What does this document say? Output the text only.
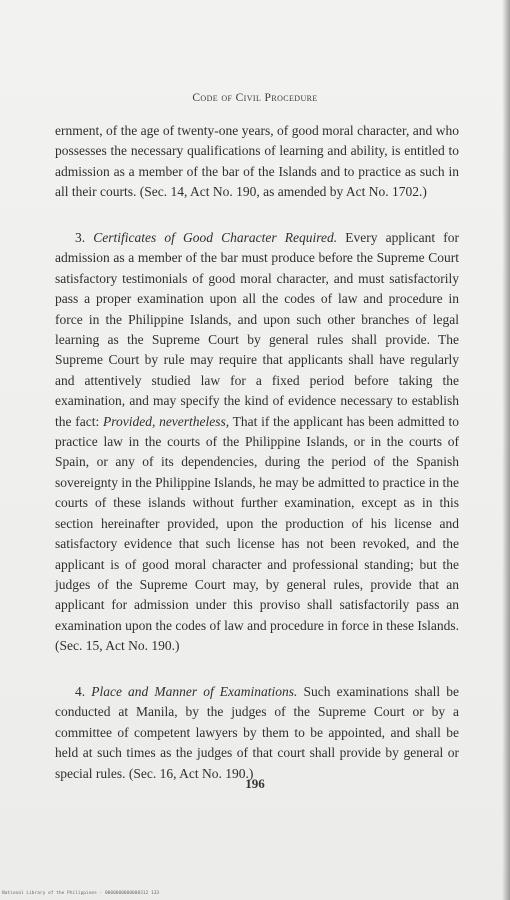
Code of Civil Procedure

ernment, of the age of twenty-one years, of good moral character, and who possesses the necessary qualifications of learning and ability, is entitled to admission as a member of the bar of the Islands and to practice as such in all their courts. (Sec. 14, Act No. 190, as amended by Act No. 1702.)

3. Certificates of Good Character Required. Every applicant for admission as a member of the bar must produce before the Supreme Court satisfactory testimonials of good moral character, and must satisfactorily pass a proper examination upon all the codes of law and procedure in force in the Philippine Islands, and upon such other branches of legal learning as the Supreme Court by general rules shall provide. The Supreme Court by rule may require that applicants shall have regularly and attentively studied law for a fixed period before taking the examination, and may specify the kind of evidence necessary to establish the fact: Provided, nevertheless, That if the applicant has been admitted to practice law in the courts of the Philippine Islands, or in the courts of Spain, or any of its dependencies, during the period of the Spanish sovereignty in the Philippine Islands, he may be admitted to practice in the courts of these islands without further examination, except as in this section hereinafter provided, upon the production of his license and satisfactory evidence that such license has not been revoked, and the applicant is of good moral character and professional standing; but the judges of the Supreme Court may, by general rules, provide that an applicant for admission under this proviso shall satisfactorily pass an examination upon the codes of law and procedure in force in these Islands. (Sec. 15, Act No. 190.)

4. Place and Manner of Examinations. Such examinations shall be conducted at Manila, by the judges of the Supreme Court or by a committee of competent lawyers by them to be appointed, and shall be held at such times as the judges of that court shall provide by general or special rules. (Sec. 16, Act No. 190.)

196
National Library of the Philippines · 0000000000000312 133
